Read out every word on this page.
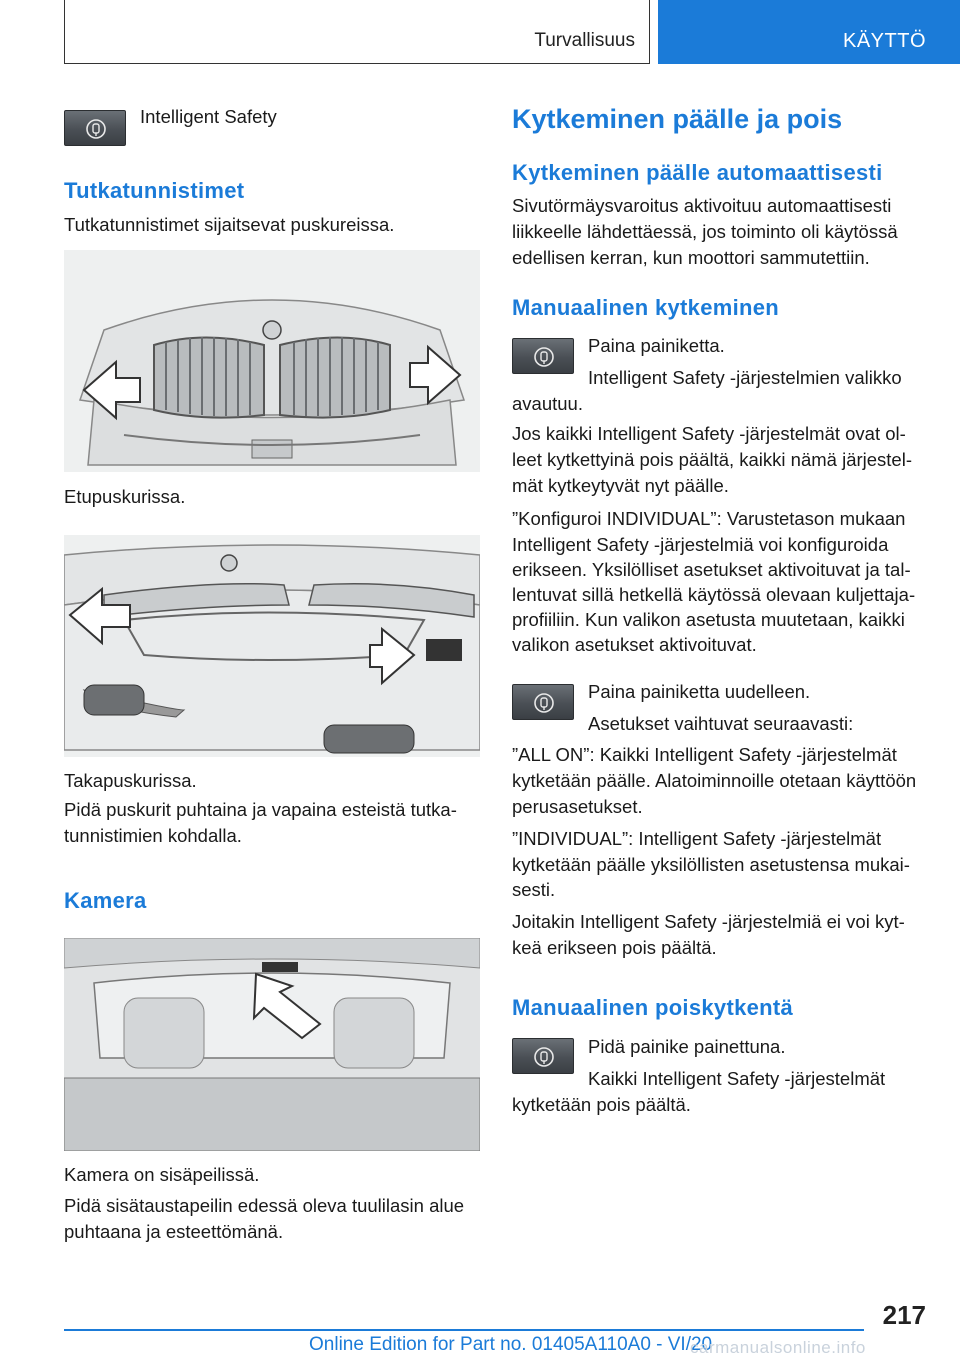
Turvallisuus	KÄYTTÖ
Intelligent Safety
Tutkatunnistimet
Tutkatunnistimet sijaitsevat puskureissa.
Etupuskurissa.
Takapuskurissa.
Pidä puskurit puhtaina ja vapaina esteistä tutka-
tunnistimien kohdalla.
Kamera
Kamera on sisäpeilissä.
Pidä sisätaustapeilin edessä oleva tuulilasin alue
puhtaana ja esteettömänä.
Kytkeminen päälle ja pois
Kytkeminen päälle automaattisesti
Sivutörmäysvaroitus aktivoituu automaattisesti
liikkeelle lähdettäessä, jos toiminto oli käytössä
edellisen kerran, kun moottori sammutettiin.
Manuaalinen kytkeminen
Paina painiketta.
Intelligent Safety -järjestelmien valikko
avautuu.
Jos kaikki Intelligent Safety -järjestelmät ovat ol-
leet kytkettyinä pois päältä, kaikki nämä järjestel-
mät kytkeytyvät nyt päälle.
”Konfiguroi INDIVIDUAL”: Varustetason mukaan
Intelligent Safety -järjestelmiä voi konfiguroida
erikseen. Yksilölliset asetukset aktivoituvat ja tal-
lentuvat sillä hetkellä käytössä olevaan kuljettaja-
profiiliin. Kun valikon asetusta muutetaan, kaikki
valikon asetukset aktivoituvat.
Paina painiketta uudelleen.
Asetukset vaihtuvat seuraavasti:
”ALL ON”: Kaikki Intelligent Safety -järjestelmät
kytketään päälle. Alatoiminnoille otetaan käyttöön
perusasetukset.
”INDIVIDUAL”: Intelligent Safety -järjestelmät
kytketään päälle yksilöllisten asetustensa mukai-
sesti.
Joitakin Intelligent Safety -järjestelmiä ei voi kyt-
keä erikseen pois päältä.
Manuaalinen poiskytkentä
Pidä painike painettuna.
Kaikki Intelligent Safety -järjestelmät
kytketään pois päältä.
217
Online Edition for Part no. 01405A110A0 - VI/20
carmanualsonline.info
